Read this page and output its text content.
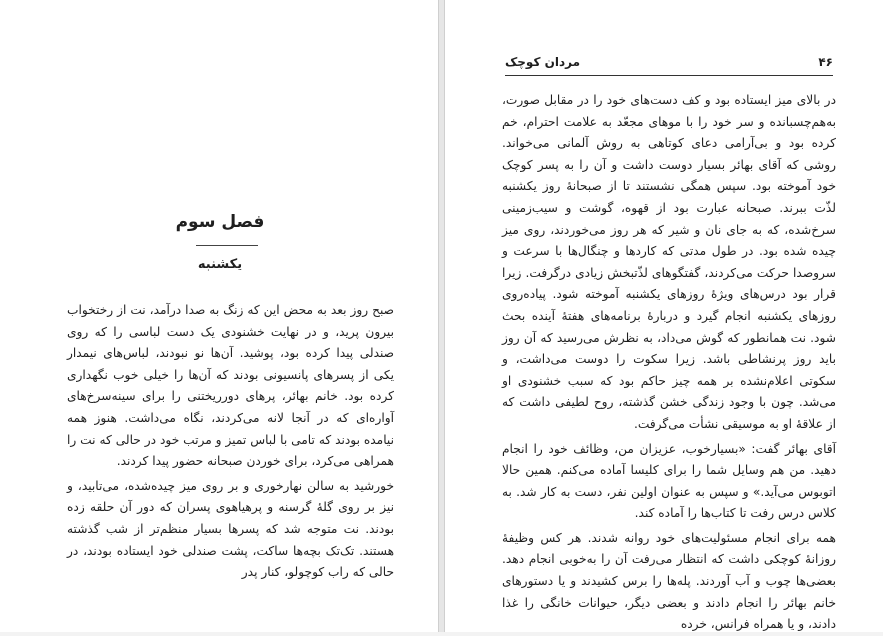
فصل سوم
یکشنبه

صبح روز بعد به محض این که زنگ به صدا درآمد، نت از رختخواب بیرون پرید، و در نهایت خشنودی یک دست لباسی را که روی صندلی پیدا کرده بود، پوشید. آن‌ها نو نبودند، لباس‌های نیمدار یکی از پسرهای پانسیونی بودند که آن‌ها را خیلی خوب نگهداری کرده بود. خانم بهائر، پرهای دورریختنی را برای سینه‌سرخ‌های آواره‌ای که در آنجا لانه می‌کردند، نگاه می‌داشت. هنوز همه نیامده بودند که تامی با لباس تمیز و مرتب خود در حالی که نت را همراهی می‌کرد، برای خوردن صبحانه حضور پیدا کردند.

خورشید به سالن نهارخوری و بر روی میز چیده‌شده، می‌تابید، و نیز بر روی گلهٔ گرسنه و پرهیاهوی پسران که دور آن حلقه زده بودند. نت متوجه شد که پسرها بسیار منظم‌تر از شب گذشته هستند. تک‌تک بچه‌ها ساکت، پشت صندلی خود ایستاده بودند، در حالی که راب کوچولو، کنار پدر

۴۶
مردان کوچک

در بالای میز ایستاده بود و کف دست‌های خود را در مقابل صورت، به‌هم‌چسبانده و سر خود را با موهای مجعّد به علامت احترام، خم کرده بود و بی‌آرامی دعای کوتاهی به روش آلمانی می‌خواند. روشی که آقای بهائر بسیار دوست داشت و آن را به پسر کوچک خود آموخته بود. سپس همگی نشستند تا از صبحانهٔ روز یکشنبه لذّت ببرند. صبحانه عبارت بود از قهوه، گوشت و سیب‌زمینی سرخ‌شده، که به جای نان و شیر که هر روز می‌خوردند، روی میز چیده شده بود. در طول مدتی که کاردها و چنگال‌ها با سرعت و سروصدا حرکت می‌کردند، گفتگوهای لذّتبخش زیادی درگرفت. زیرا قرار بود درس‌های ویژهٔ روزهای یکشنبه آموخته شود. پیاده‌روی روزهای یکشنبه انجام گیرد و دربارهٔ برنامه‌های هفتهٔ آینده بحث شود. نت همانطور که گوش می‌داد، به نظرش می‌رسید که آن روز باید روز پرنشاطی باشد. زیرا سکوت را دوست می‌داشت، و سکوتی اعلام‌نشده بر همه چیز حاکم بود که سبب خشنودی او می‌شد. چون با وجود زندگی خشن گذشته، روح لطیفی داشت که از علاقهٔ او به موسیقی نشأت می‌گرفت.

آقای بهائر گفت: «بسیارخوب، عزیزان من، وظائف خود را انجام دهید. من هم وسایل شما را برای کلیسا آماده می‌کنم. همین حالا اتوبوس می‌آید.» و سپس به عنوان اولین نفر، دست به کار شد. به کلاس درس رفت تا کتاب‌ها را آماده کند.

همه برای انجام مسئولیت‌های خود روانه شدند. هر کس وظیفهٔ روزانهٔ کوچکی داشت که انتظار می‌رفت آن را به‌خوبی انجام دهد. بعضی‌ها چوب و آب آوردند. پله‌ها را برس کشیدند و یا دستورهای خانم بهائر را انجام دادند و بعضی دیگر، حیوانات خانگی را غذا دادند، و یا همراه فرانس، خرده
